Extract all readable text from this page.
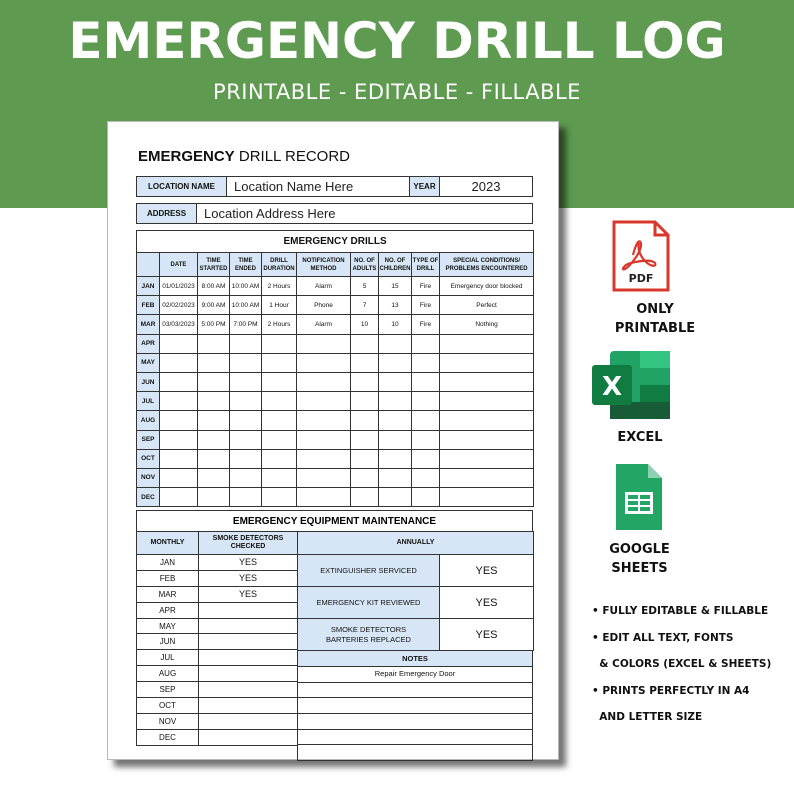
EMERGENCY DRILL LOG
PRINTABLE - EDITABLE - FILLABLE
EMERGENCY DRILL RECORD
LOCATION NAME	Location Name Here	YEAR	2023
ADDRESS	Location Address Here
EMERGENCY DRILLS									
	DATE	TIME STARTED	TIME ENDED	DRILL DURATION	NOTIFICATION METHOD	NO. OF ADULTS	NO. OF CHILDREN	TYPE OF DRILL	SPECIAL CONDITIONS/ PROBLEMS ENCOUNTERED
JAN	01/01/2023	8:00 AM	10:00 AM	2 Hours	Alarm	5	15	Fire	Emergency door blocked
FEB	02/02/2023	9:00 AM	10:00 AM	1 Hour	Phone	7	13	Fire	Perfect
MAR	03/03/2023	5:00 PM	7:00 PM	2 Hours	Alarm	10	10	Fire	Nothing
APR									
MAY									
JUN									
JUL									
AUG									
SEP									
OCT									
NOV									
DEC									
EMERGENCY EQUIPMENT MAINTENANCE
MONTHLY	SMOKE DETECTORS CHECKED
JAN	YES
FEB	YES
MAR	YES
APR	
MAY	
JUN	
JUL	
AUG	
SEP	
OCT	
NOV	
DEC	
ANNUALLY	
EXTINGUISHER SERVICED	YES
EMERGENCY KIT REVIEWED	YES
SMOKE DETECTORS BARTERIES REPLACED	YES
NOTES
Repair Emergency Door

PDF
ONLY
PRINTABLE
X
EXCEL
GOOGLE
SHEETS
• FULLY EDITABLE & FILLABLE
• EDIT ALL TEXT, FONTS
& COLORS (EXCEL & SHEETS)
• PRINTS PERFECTLY IN A4
AND LETTER SIZE
